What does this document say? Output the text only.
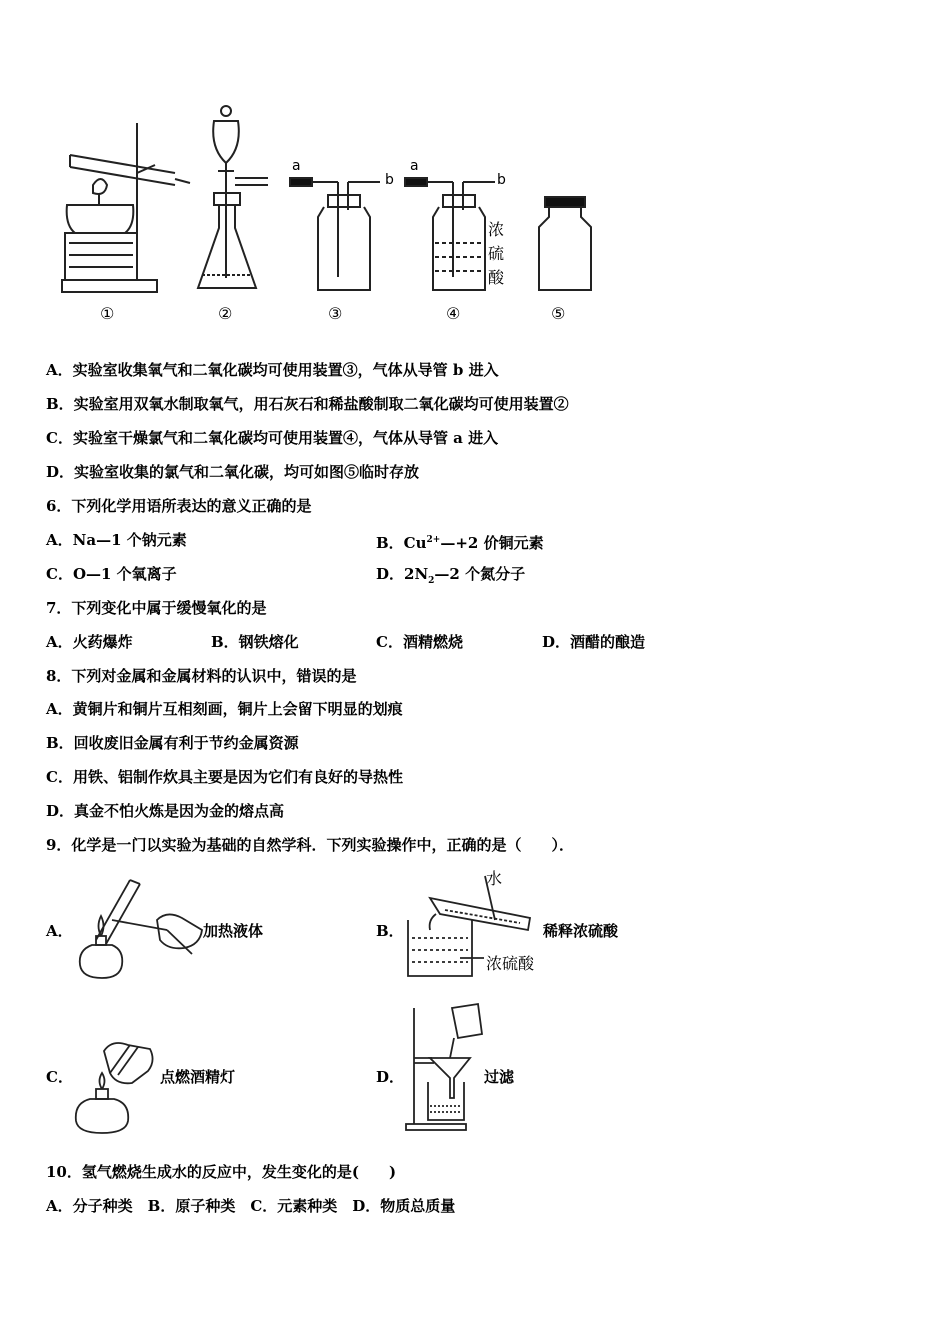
a
b
a
b
浓
硫
酸
①	②	③	④	⑤
A．实验室收集氧气和二氧化碳均可使用装置③，气体从导管 b 进入
B．实验室用双氧水制取氧气，用石灰石和稀盐酸制取二氧化碳均可使用装置②
C．实验室干燥氯气和二氧化碳均可使用装置④，气体从导管 a 进入
D．实验室收集的氯气和二氧化碳，均可如图⑤临时存放
6．下列化学用语所表达的意义正确的是
A．Na—1 个钠元素	B．$Cu^{2+}—+2$ 价铜元素
C．O—1 个氧离子	D．$2N_2—2$ 个氮分子
7．下列变化中属于缓慢氧化的是
A．火药爆炸	B．钢铁熔化	C．酒精燃烧	D．酒醋的酿造
8．下列对金属和金属材料的认识中，错误的是
A．黄铜片和铜片互相刻画，铜片上会留下明显的划痕
B．回收废旧金属有利于节约金属资源
C．用铁、铝制作炊具主要是因为它们有良好的导热性
D．真金不怕火炼是因为金的熔点高
9．化学是一门以实验为基础的自然学科．下列实验操作中，正确的是（　　）．
A．	加热液体	B．
水
浓硫酸
稀释浓硫酸
C．	点燃酒精灯	D．	过滤
10．氢气燃烧生成水的反应中，发生变化的是(　　)
A．分子种类　B．原子种类　C．元素种类　D．物质总质量
